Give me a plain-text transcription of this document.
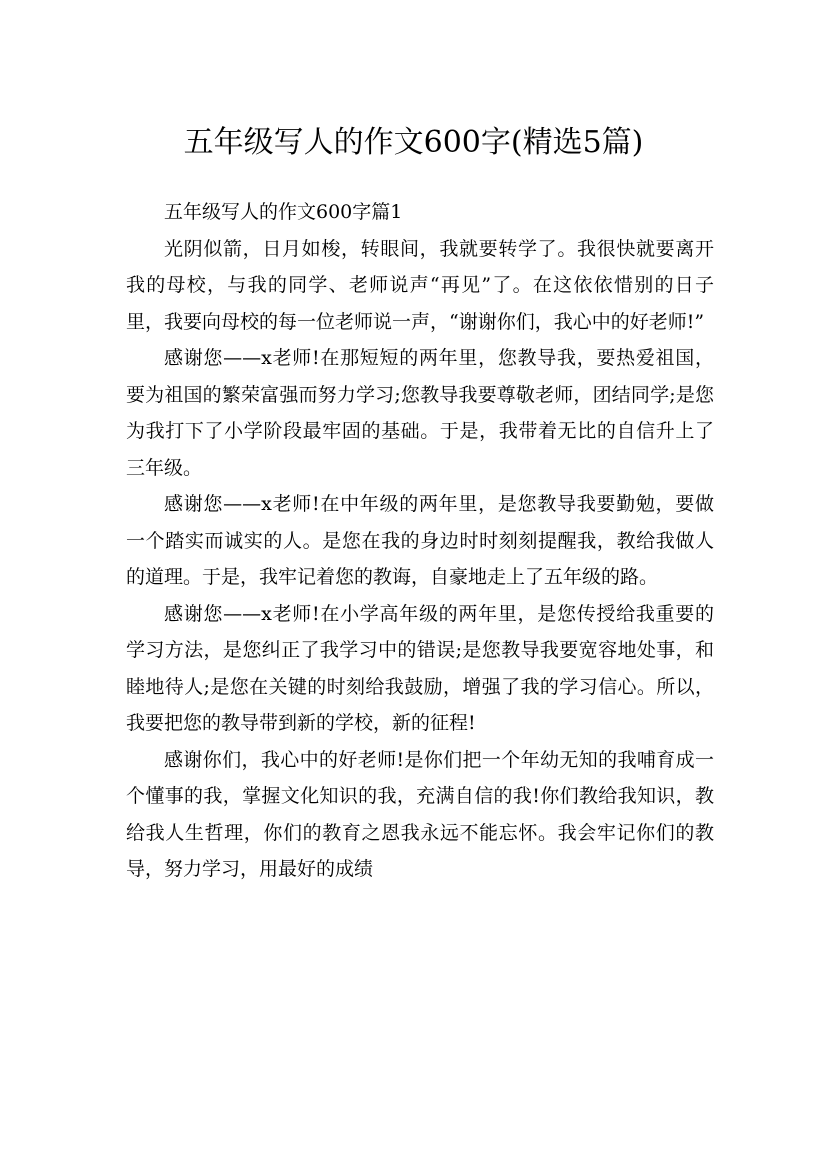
五年级写人的作文600字(精选5篇)

五年级写人的作文600字篇1

光阴似箭，日月如梭，转眼间，我就要转学了。我很快就要离开我的母校，与我的同学、老师说声“再见”了。在这依依惜别的日子里，我要向母校的每一位老师说一声，“谢谢你们，我心中的好老师!”

感谢您——x老师!在那短短的两年里，您教导我，要热爱祖国，要为祖国的繁荣富强而努力学习;您教导我要尊敬老师，团结同学;是您为我打下了小学阶段最牢固的基础。于是，我带着无比的自信升上了三年级。

感谢您——x老师!在中年级的两年里，是您教导我要勤勉，要做一个踏实而诚实的人。是您在我的身边时时刻刻提醒我，教给我做人的道理。于是，我牢记着您的教诲，自豪地走上了五年级的路。

感谢您——x老师!在小学高年级的两年里，是您传授给我重要的学习方法，是您纠正了我学习中的错误;是您教导我要宽容地处事，和睦地待人;是您在关键的时刻给我鼓励，增强了我的学习信心。所以，我要把您的教导带到新的学校，新的征程!

感谢你们，我心中的好老师!是你们把一个年幼无知的我哺育成一个懂事的我，掌握文化知识的我，充满自信的我!你们教给我知识，教给我人生哲理，你们的教育之恩我永远不能忘怀。我会牢记你们的教导，努力学习，用最好的成绩
